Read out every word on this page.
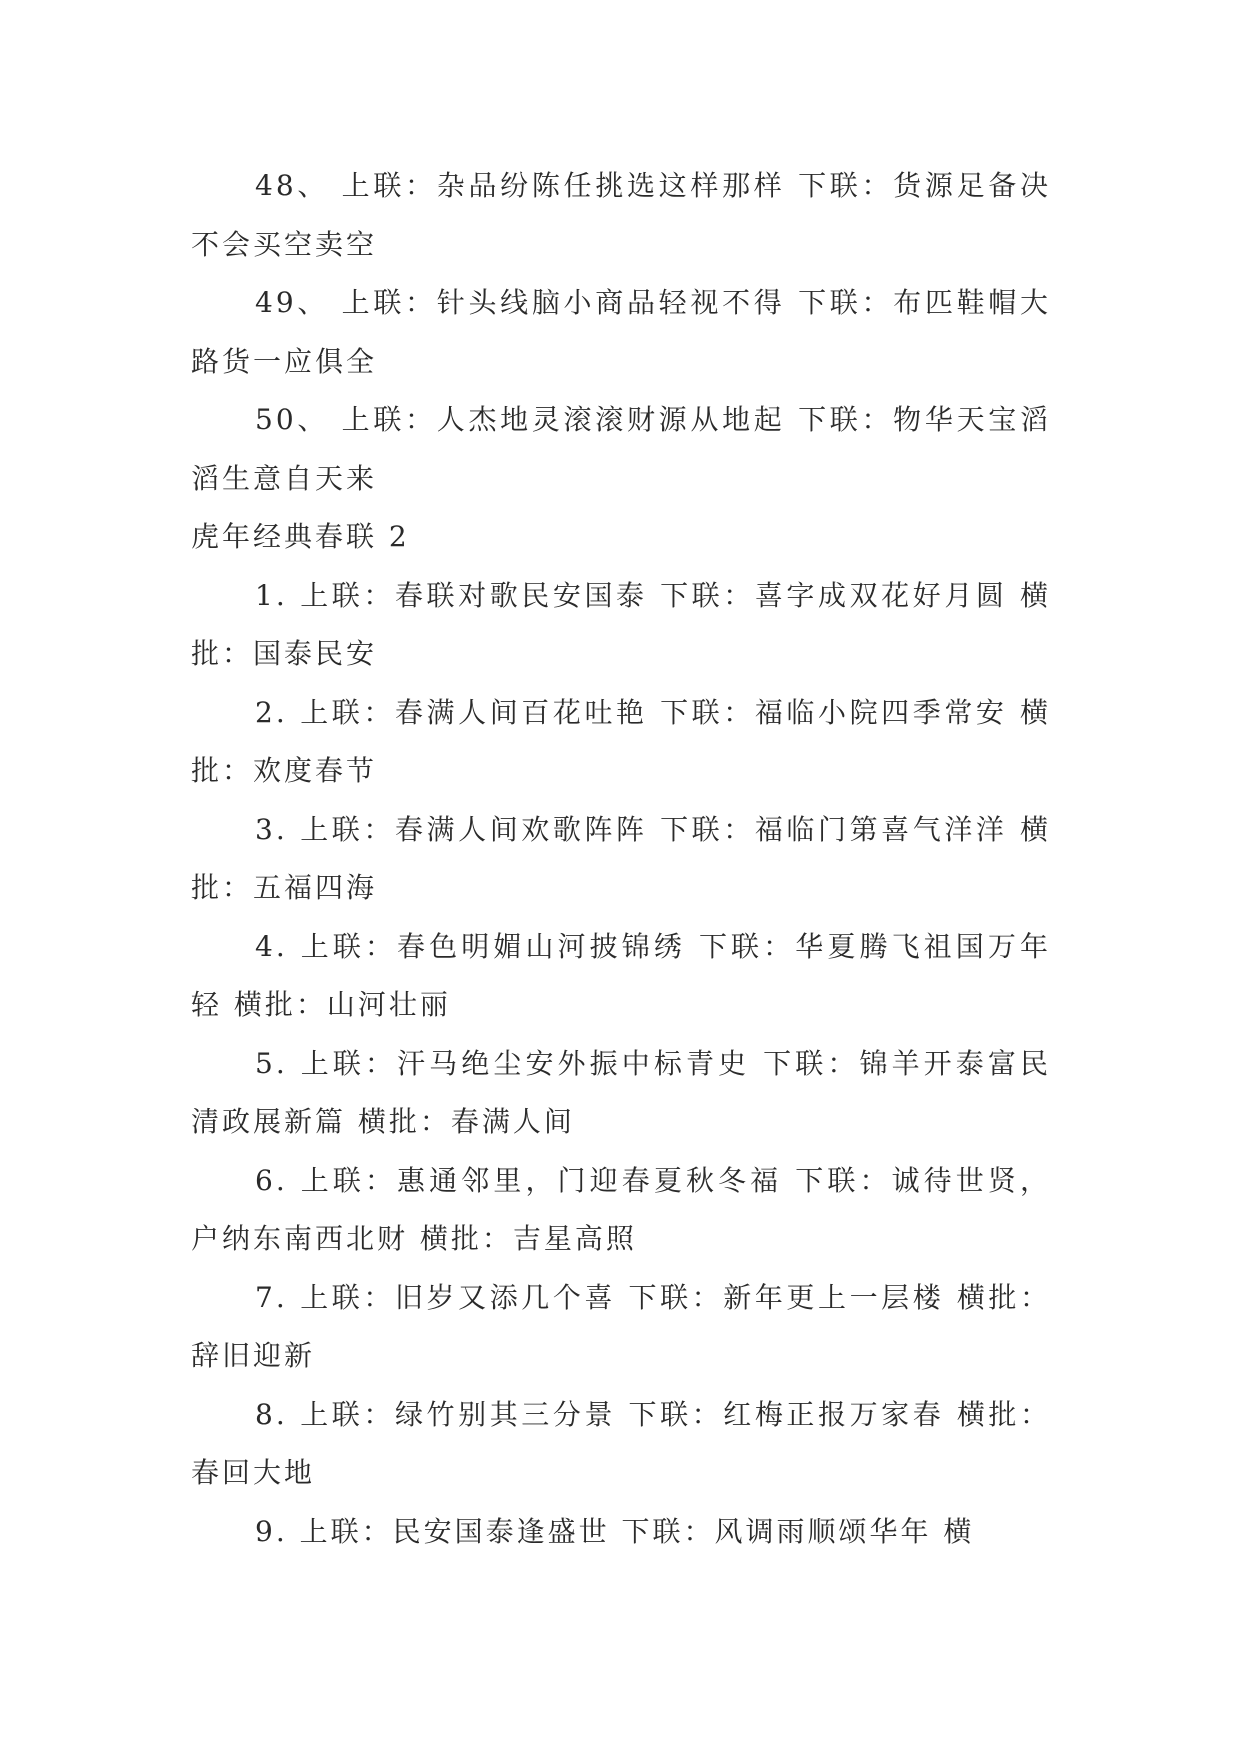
48、 上联：杂品纷陈任挑选这样那样 下联：货源足备决不会买空卖空

49、 上联：针头线脑小商品轻视不得 下联：布匹鞋帽大路货一应俱全

50、 上联：人杰地灵滚滚财源从地起 下联：物华天宝滔滔生意自天来

虎年经典春联 2

1. 上联：春联对歌民安国泰 下联：喜字成双花好月圆 横批：国泰民安

2. 上联：春满人间百花吐艳 下联：福临小院四季常安 横批：欢度春节

3. 上联：春满人间欢歌阵阵 下联：福临门第喜气洋洋 横批：五福四海

4. 上联：春色明媚山河披锦绣 下联：华夏腾飞祖国万年轻 横批：山河壮丽

5. 上联：汗马绝尘安外振中标青史 下联：锦羊开泰富民清政展新篇 横批：春满人间

6. 上联：惠通邻里，门迎春夏秋冬福 下联：诚待世贤，户纳东南西北财 横批：吉星高照

7. 上联：旧岁又添几个喜 下联：新年更上一层楼 横批：辞旧迎新

8. 上联：绿竹别其三分景 下联：红梅正报万家春 横批：春回大地

9. 上联：民安国泰逢盛世 下联：风调雨顺颂华年 横
